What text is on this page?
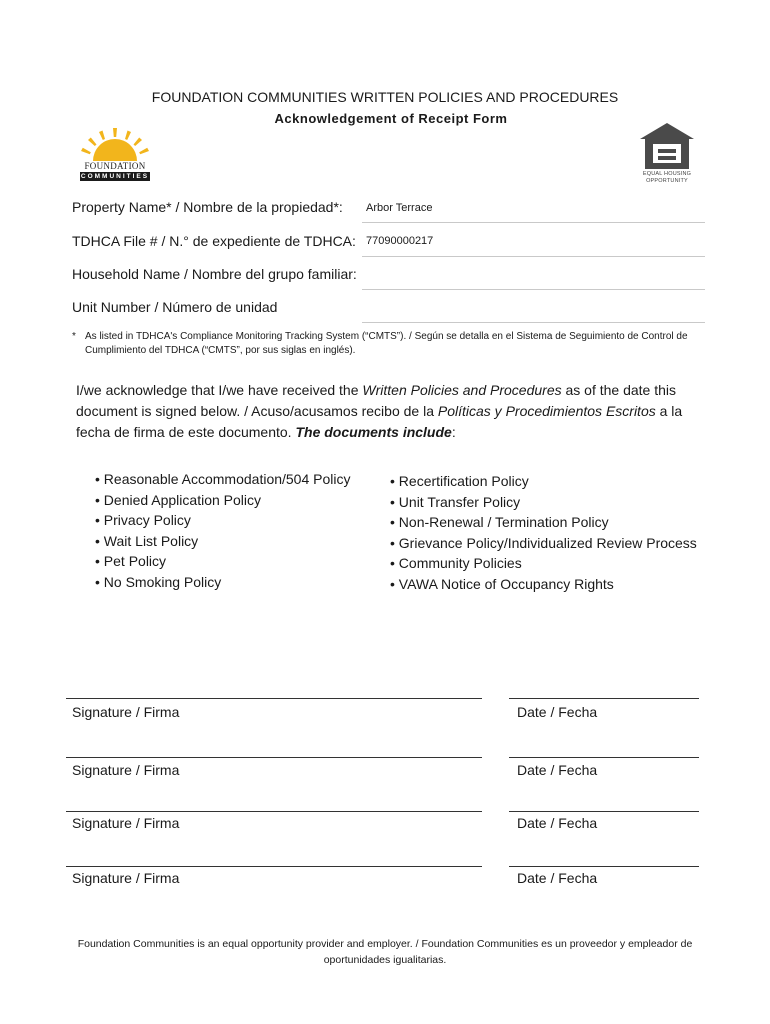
FOUNDATION COMMUNITIES WRITTEN POLICIES AND PROCEDURES
Acknowledgement of Receipt Form
FOUNDATION
COMMUNITIES	EQUAL HOUSING
OPPORTUNITY
Property Name* / Nombre de la propiedad*: Arbor Terrace
TDHCA File # / N.° de expediente de TDHCA: 77090000217
Household Name / Nombre del grupo familiar:
Unit Number / Número de unidad
* As listed in TDHCA's Compliance Monitoring Tracking System (“CMTS”). / Según se detalla en el Sistema de Seguimiento de Control de Cumplimiento del TDHCA (“CMTS”, por sus siglas en inglés).
I/we acknowledge that I/we have received the Written Policies and Procedures as of the date this document is signed below. / Acuso/acusamos recibo de la Políticas y Procedimientos Escritos a la fecha de firma de este documento. The documents include:
• Reasonable Accommodation/504 Policy
• Denied Application Policy
• Privacy Policy
• Wait List Policy
• Pet Policy
• No Smoking Policy
• Recertification Policy
• Unit Transfer Policy
• Non-Renewal / Termination Policy
• Grievance Policy/Individualized Review Process
• Community Policies
• VAWA Notice of Occupancy Rights
Signature / Firma	Date / Fecha
Signature / Firma	Date / Fecha
Signature / Firma	Date / Fecha
Signature / Firma	Date / Fecha
Foundation Communities is an equal opportunity provider and employer. / Foundation Communities es un proveedor y empleador de oportunidades igualitarias.
